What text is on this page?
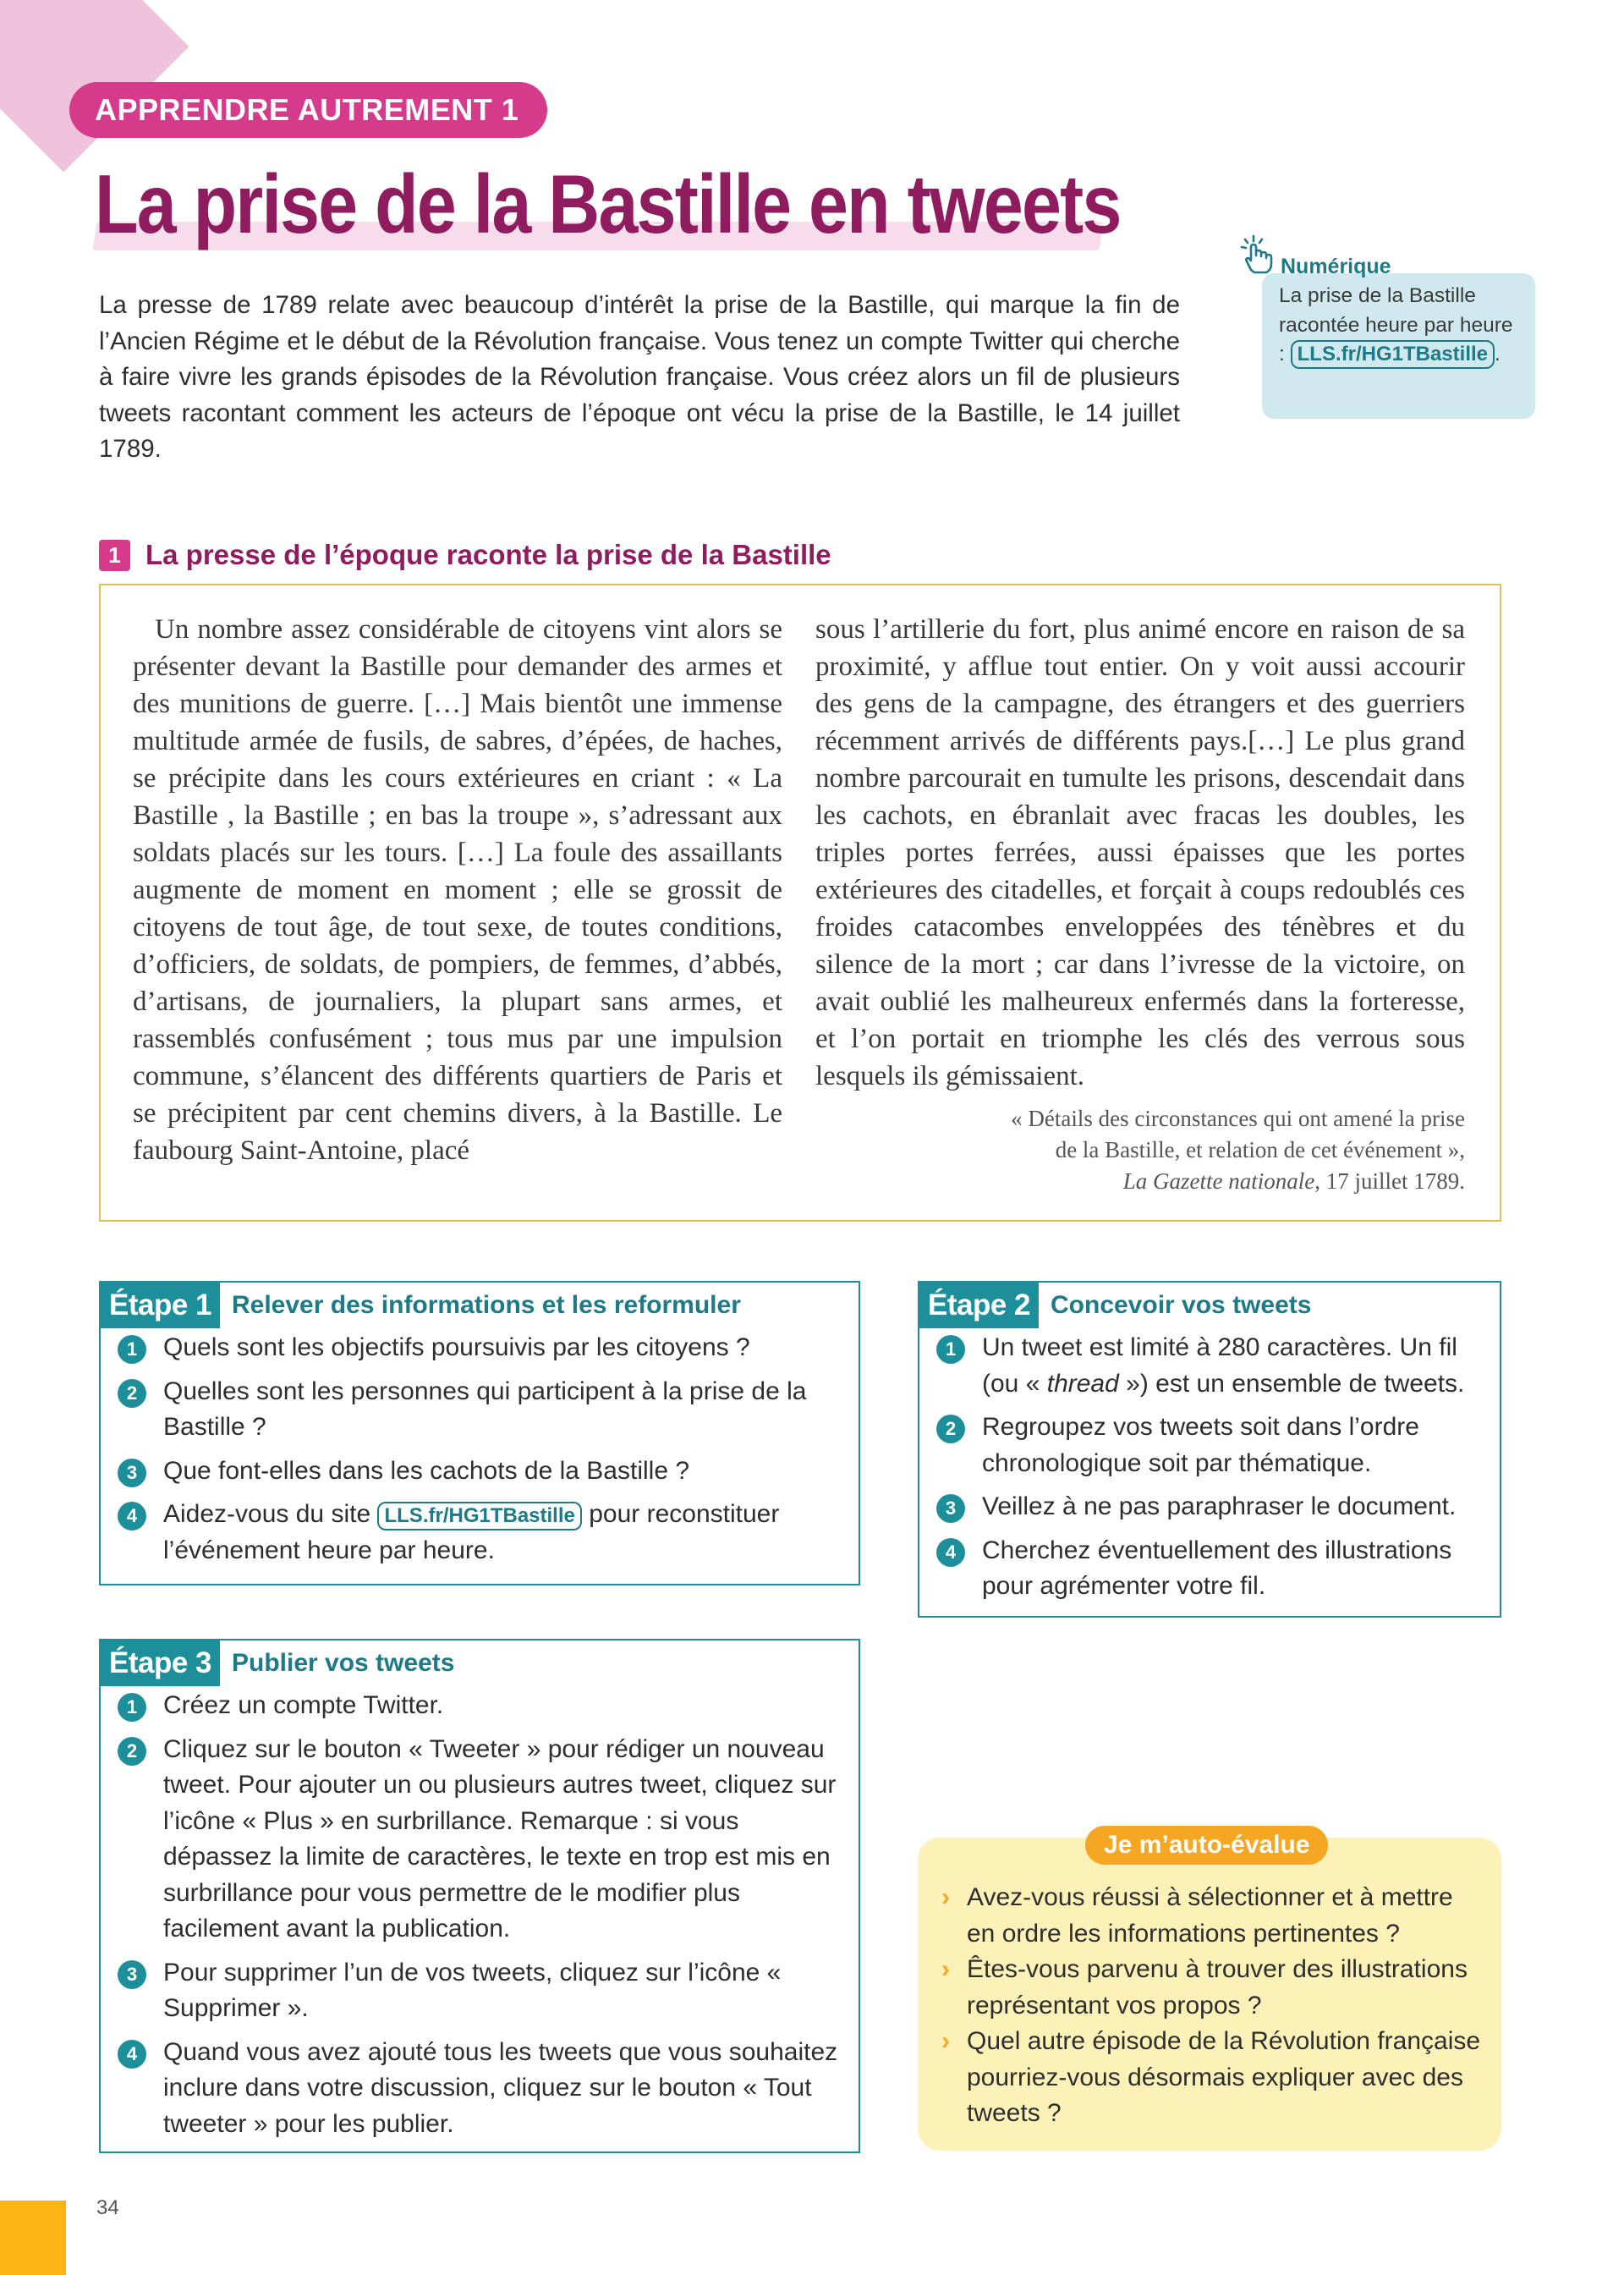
APPRENDRE AUTREMENT 1
La prise de la Bastille en tweets

La presse de 1789 relate avec beaucoup d’intérêt la prise de la Bastille, qui marque la fin de l’Ancien Régime et le début de la Révolution française. Vous tenez un compte Twitter qui cherche à faire vivre les grands épisodes de la Révolution française. Vous créez alors un fil de plusieurs tweets racontant comment les acteurs de l’époque ont vécu la prise de la Bastille, le 14 juillet 1789.

Numérique
La prise de la Bastille racontée heure par heure : LLS.fr/HG1TBastille .
1 La presse de l’époque raconte la prise de la Bastille

Un nombre assez considérable de citoyens vint alors se présenter devant la Bastille pour demander des armes et des munitions de guerre. […] Mais bientôt une immense multitude armée de fusils, de sabres, d’épées, de haches, se précipite dans les cours extérieures en criant : « La Bastille , la Bastille ; en bas la troupe », s’adressant aux soldats placés sur les tours. […] La foule des assaillants augmente de moment en moment ; elle se grossit de citoyens de tout âge, de tout sexe, de toutes conditions, d’officiers, de soldats, de pompiers, de femmes, d’abbés, d’artisans, de journaliers, la plupart sans armes, et rassemblés confusément ; tous mus par une impulsion commune, s’élancent des différents quartiers de Paris et se précipitent par cent chemins divers, à la Bastille. Le faubourg Saint-Antoine, placé

sous l’artillerie du fort, plus animé encore en raison de sa proximité, y afflue tout entier. On y voit aussi accourir des gens de la campagne, des étrangers et des guerriers récemment arrivés de différents pays.[…] Le plus grand nombre parcourait en tumulte les prisons, descendait dans les cachots, en ébranlait avec fracas les doubles, les triples portes ferrées, aussi épaisses que les portes extérieures des citadelles, et forçait à coups redoublés ces froides catacombes enveloppées des ténèbres et du silence de la mort ; car dans l’ivresse de la victoire, on avait oublié les malheureux enfermés dans la forteresse, et l’on portait en triomphe les clés des verrous sous lesquels ils gémissaient.

« Détails des circonstances qui ont amené la prise
de la Bastille, et relation de cet événement »,
La Gazette nationale, 17 juillet 1789.
Étape 1 Relever des informations et les reformuler
1	Quels sont les objectifs poursuivis par les citoyens ?
2	Quelles sont les personnes qui participent à la prise de la Bastille ?
3	Que font-elles dans les cachots de la Bastille ?
4	Aidez-vous du site LLS.fr/HG1TBastille pour reconstituer l’événement heure par heure.
Étape 2 Concevoir vos tweets
1	Un tweet est limité à 280 caractères. Un fil (ou « thread ») est un ensemble de tweets.
2	Regroupez vos tweets soit dans l’ordre chronologique soit par thématique.
3	Veillez à ne pas paraphraser le document.
4	Cherchez éventuellement des illustrations pour agrémenter votre fil.
Étape 3 Publier vos tweets
1	Créez un compte Twitter.
2	Cliquez sur le bouton « Tweeter » pour rédiger un nouveau tweet. Pour ajouter un ou plusieurs autres tweet, cliquez sur l’icône « Plus » en surbrillance. Remarque : si vous dépassez la limite de caractères, le texte en trop est mis en surbrillance pour vous permettre de le modifier plus facilement avant la publication.
3	Pour supprimer l’un de vos tweets, cliquez sur l’icône « Supprimer ».
4	Quand vous avez ajouté tous les tweets que vous souhaitez inclure dans votre discussion, cliquez sur le bouton « Tout tweeter » pour les publier.
Je m’auto-évalue
› Avez-vous réussi à sélectionner et à mettre en ordre les informations pertinentes ?
› Êtes-vous parvenu à trouver des illustrations représentant vos propos ?
› Quel autre épisode de la Révolution française pourriez-vous désormais expliquer avec des tweets ?
34
